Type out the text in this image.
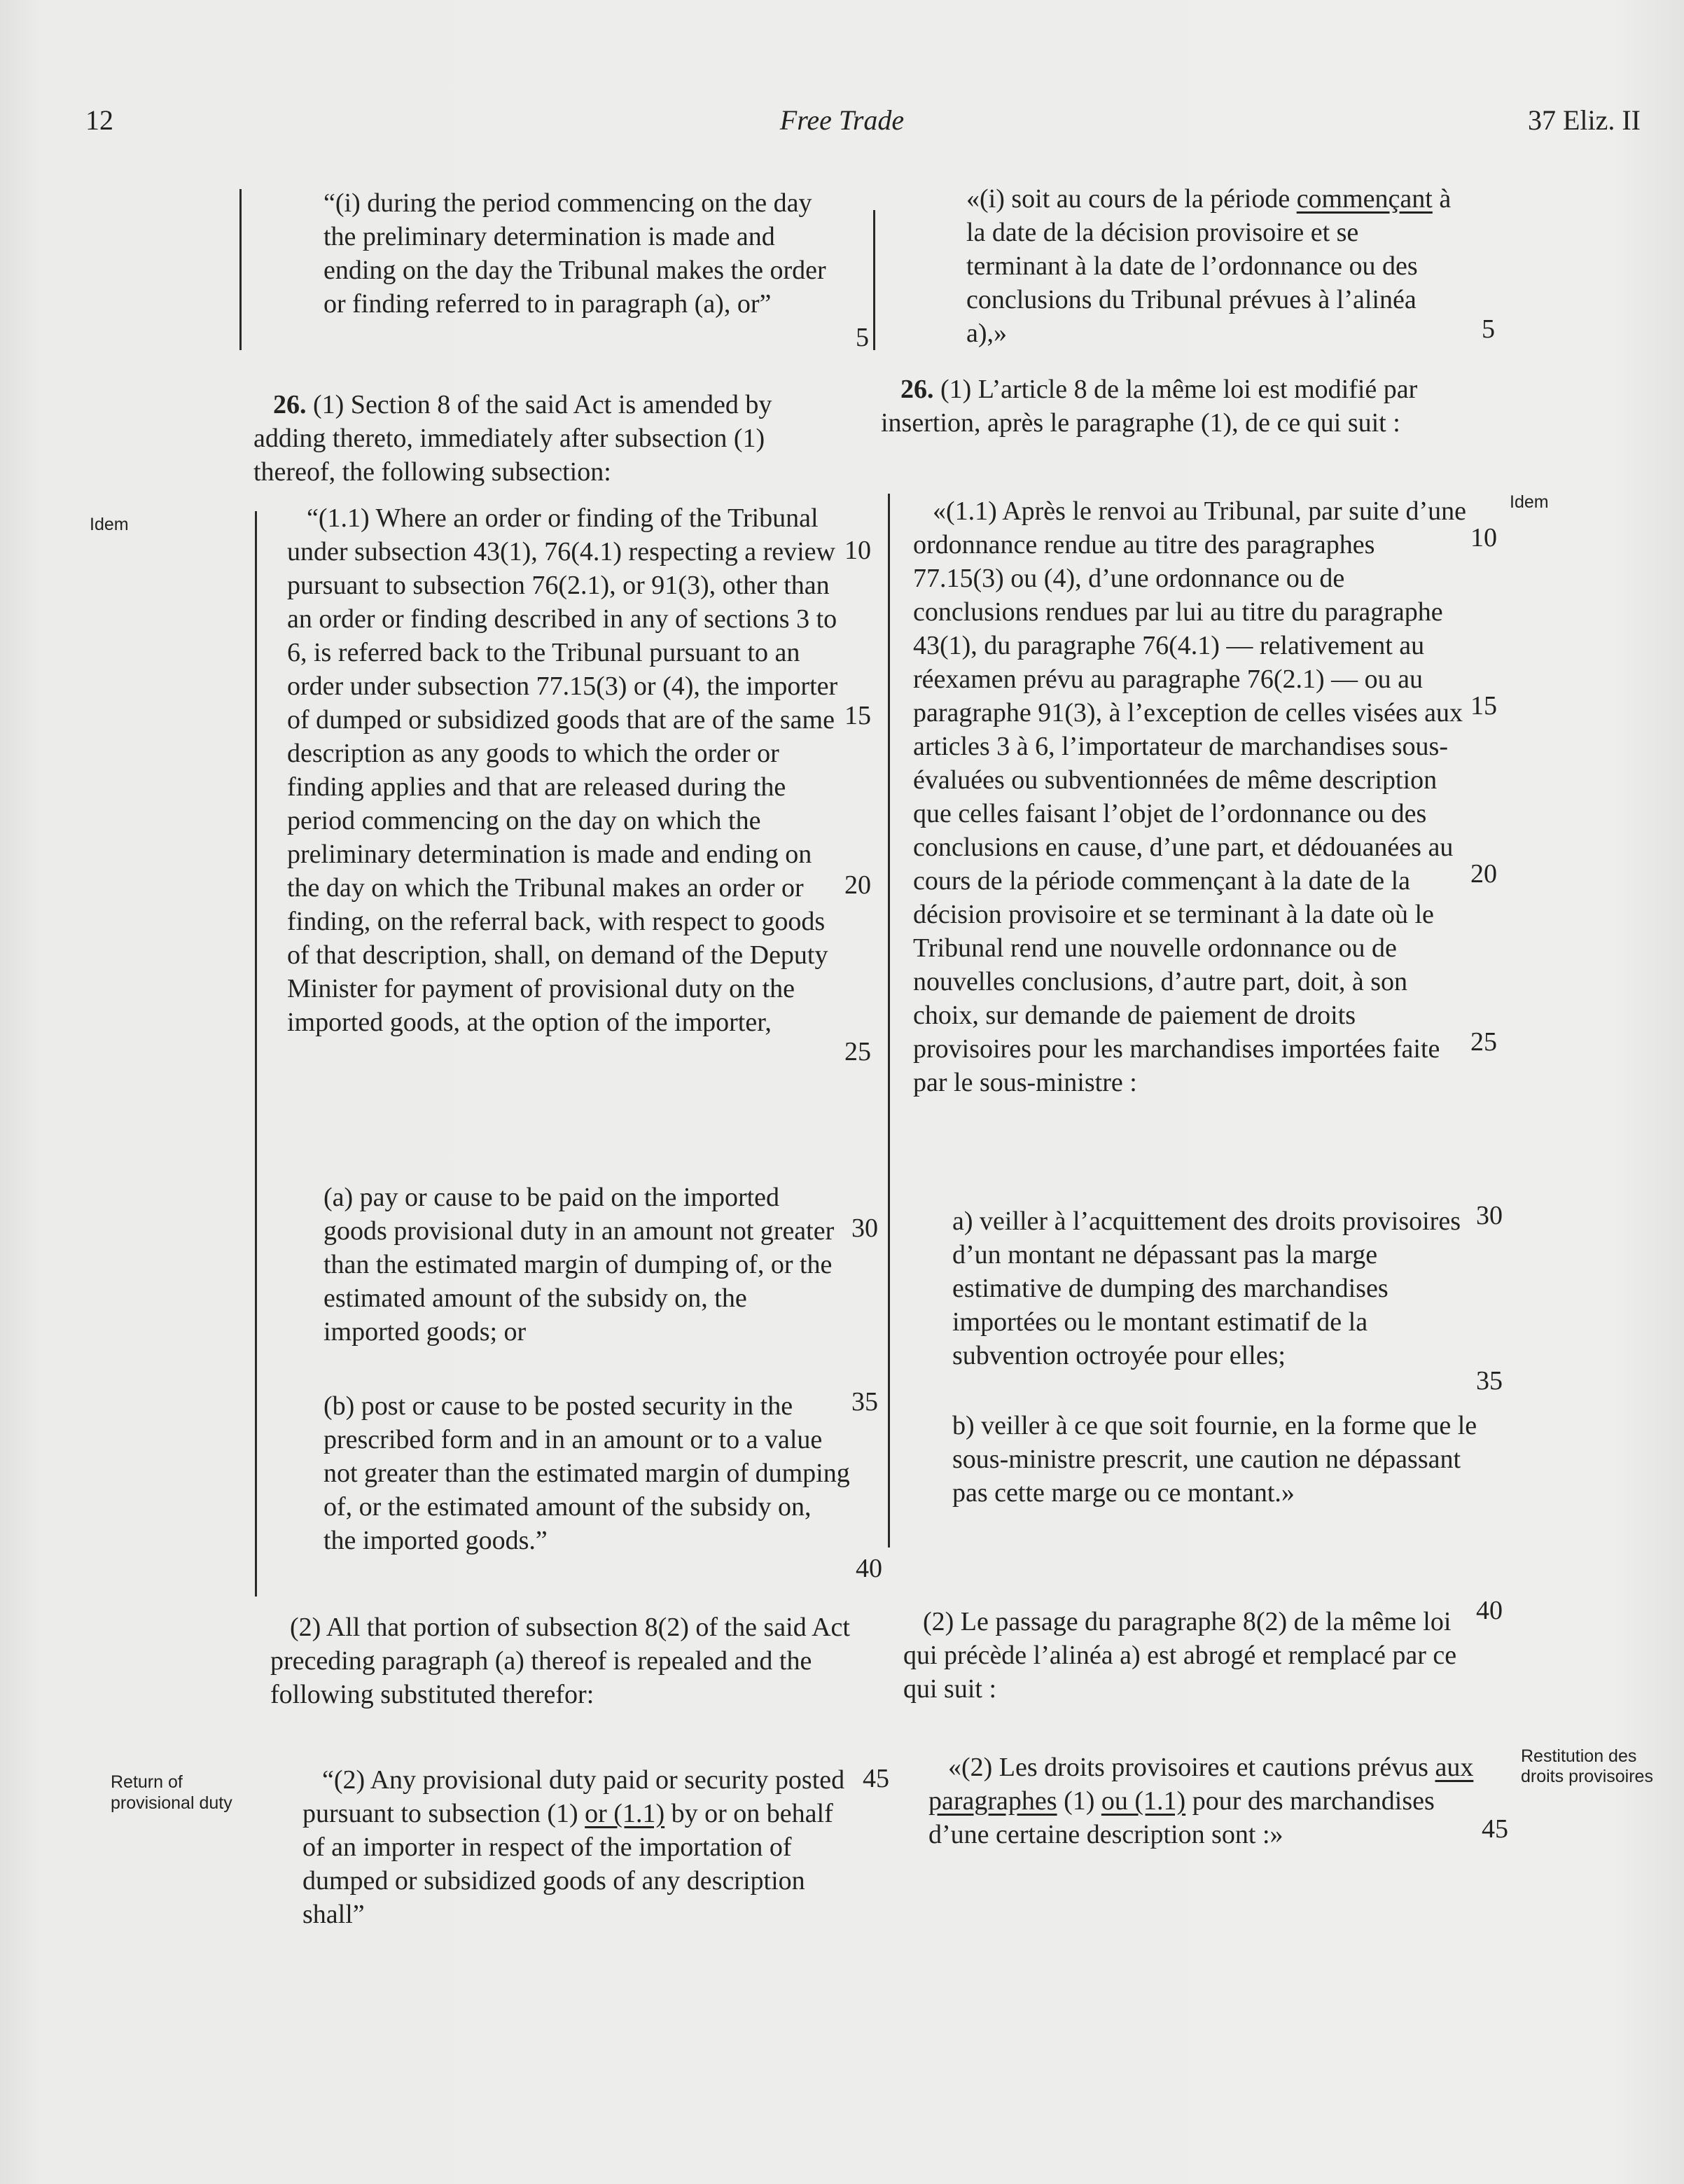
12	Free Trade	37 Eliz. II

“(i) during the period commencing on the day the preliminary determination is made and ending on the day the Tribunal makes the order or finding referred to in paragraph (a), or”

26. (1) Section 8 of the said Act is amended by adding thereto, immediately after subsection (1) thereof, the following subsection:

“(1.1) Where an order or finding of the Tribunal under subsection 43(1), 76(4.1) respecting a review pursuant to subsection 76(2.1), or 91(3), other than an order or finding described in any of sections 3 to 6, is referred back to the Tribunal pursuant to an order under subsection 77.15(3) or (4), the importer of dumped or subsidized goods that are of the same description as any goods to which the order or finding applies and that are released during the period commencing on the day on which the preliminary determination is made and ending on the day on which the Tribunal makes an order or finding, on the referral back, with respect to goods of that description, shall, on demand of the Deputy Minister for payment of provisional duty on the imported goods, at the option of the importer,

(a) pay or cause to be paid on the imported goods provisional duty in an amount not greater than the estimated margin of dumping of, or the estimated amount of the subsidy on, the imported goods; or

(b) post or cause to be posted security in the prescribed form and in an amount or to a value not greater than the estimated margin of dumping of, or the estimated amount of the subsidy on, the imported goods.”

(2) All that portion of subsection 8(2) of the said Act preceding paragraph (a) thereof is repealed and the following substituted therefor:

“(2) Any provisional duty paid or security posted pursuant to subsection (1) or (1.1) by or on behalf of an importer in respect of the importation of dumped or subsidized goods of any description shall”

«(i) soit au cours de la période commençant à la date de la décision provisoire et se terminant à la date de l’ordonnance ou des conclusions du Tribunal prévues à l’alinéa a),»

26. (1) L’article 8 de la même loi est modifié par insertion, après le paragraphe (1), de ce qui suit :

«(1.1) Après le renvoi au Tribunal, par suite d’une ordonnance rendue au titre des paragraphes 77.15(3) ou (4), d’une ordonnance ou de conclusions rendues par lui au titre du paragraphe 43(1), du paragraphe 76(4.1) — relativement au réexamen prévu au paragraphe 76(2.1) — ou au paragraphe 91(3), à l’exception de celles visées aux articles 3 à 6, l’importateur de marchandises sous-évaluées ou subventionnées de même description que celles faisant l’objet de l’ordonnance ou des conclusions en cause, d’une part, et dédouanées au cours de la période commençant à la date de la décision provisoire et se terminant à la date où le Tribunal rend une nouvelle ordonnance ou de nouvelles conclusions, d’autre part, doit, à son choix, sur demande de paiement de droits provisoires pour les marchandises importées faite par le sous-ministre :

a) veiller à l’acquittement des droits provisoires d’un montant ne dépassant pas la marge estimative de dumping des marchandises importées ou le montant estimatif de la subvention octroyée pour elles;

b) veiller à ce que soit fournie, en la forme que le sous-ministre prescrit, une caution ne dépassant pas cette marge ou ce montant.»

(2) Le passage du paragraphe 8(2) de la même loi qui précède l’alinéa a) est abrogé et remplacé par ce qui suit :

«(2) Les droits provisoires et cautions prévus aux paragraphes (1) ou (1.1) pour des marchandises d’une certaine description sont :»

Idem
Idem
Return of provisional duty
Restitution des droits provisoires
5
10
15
20
25
30
35
40
45
5
10
15
20
25
30
35
40
45
